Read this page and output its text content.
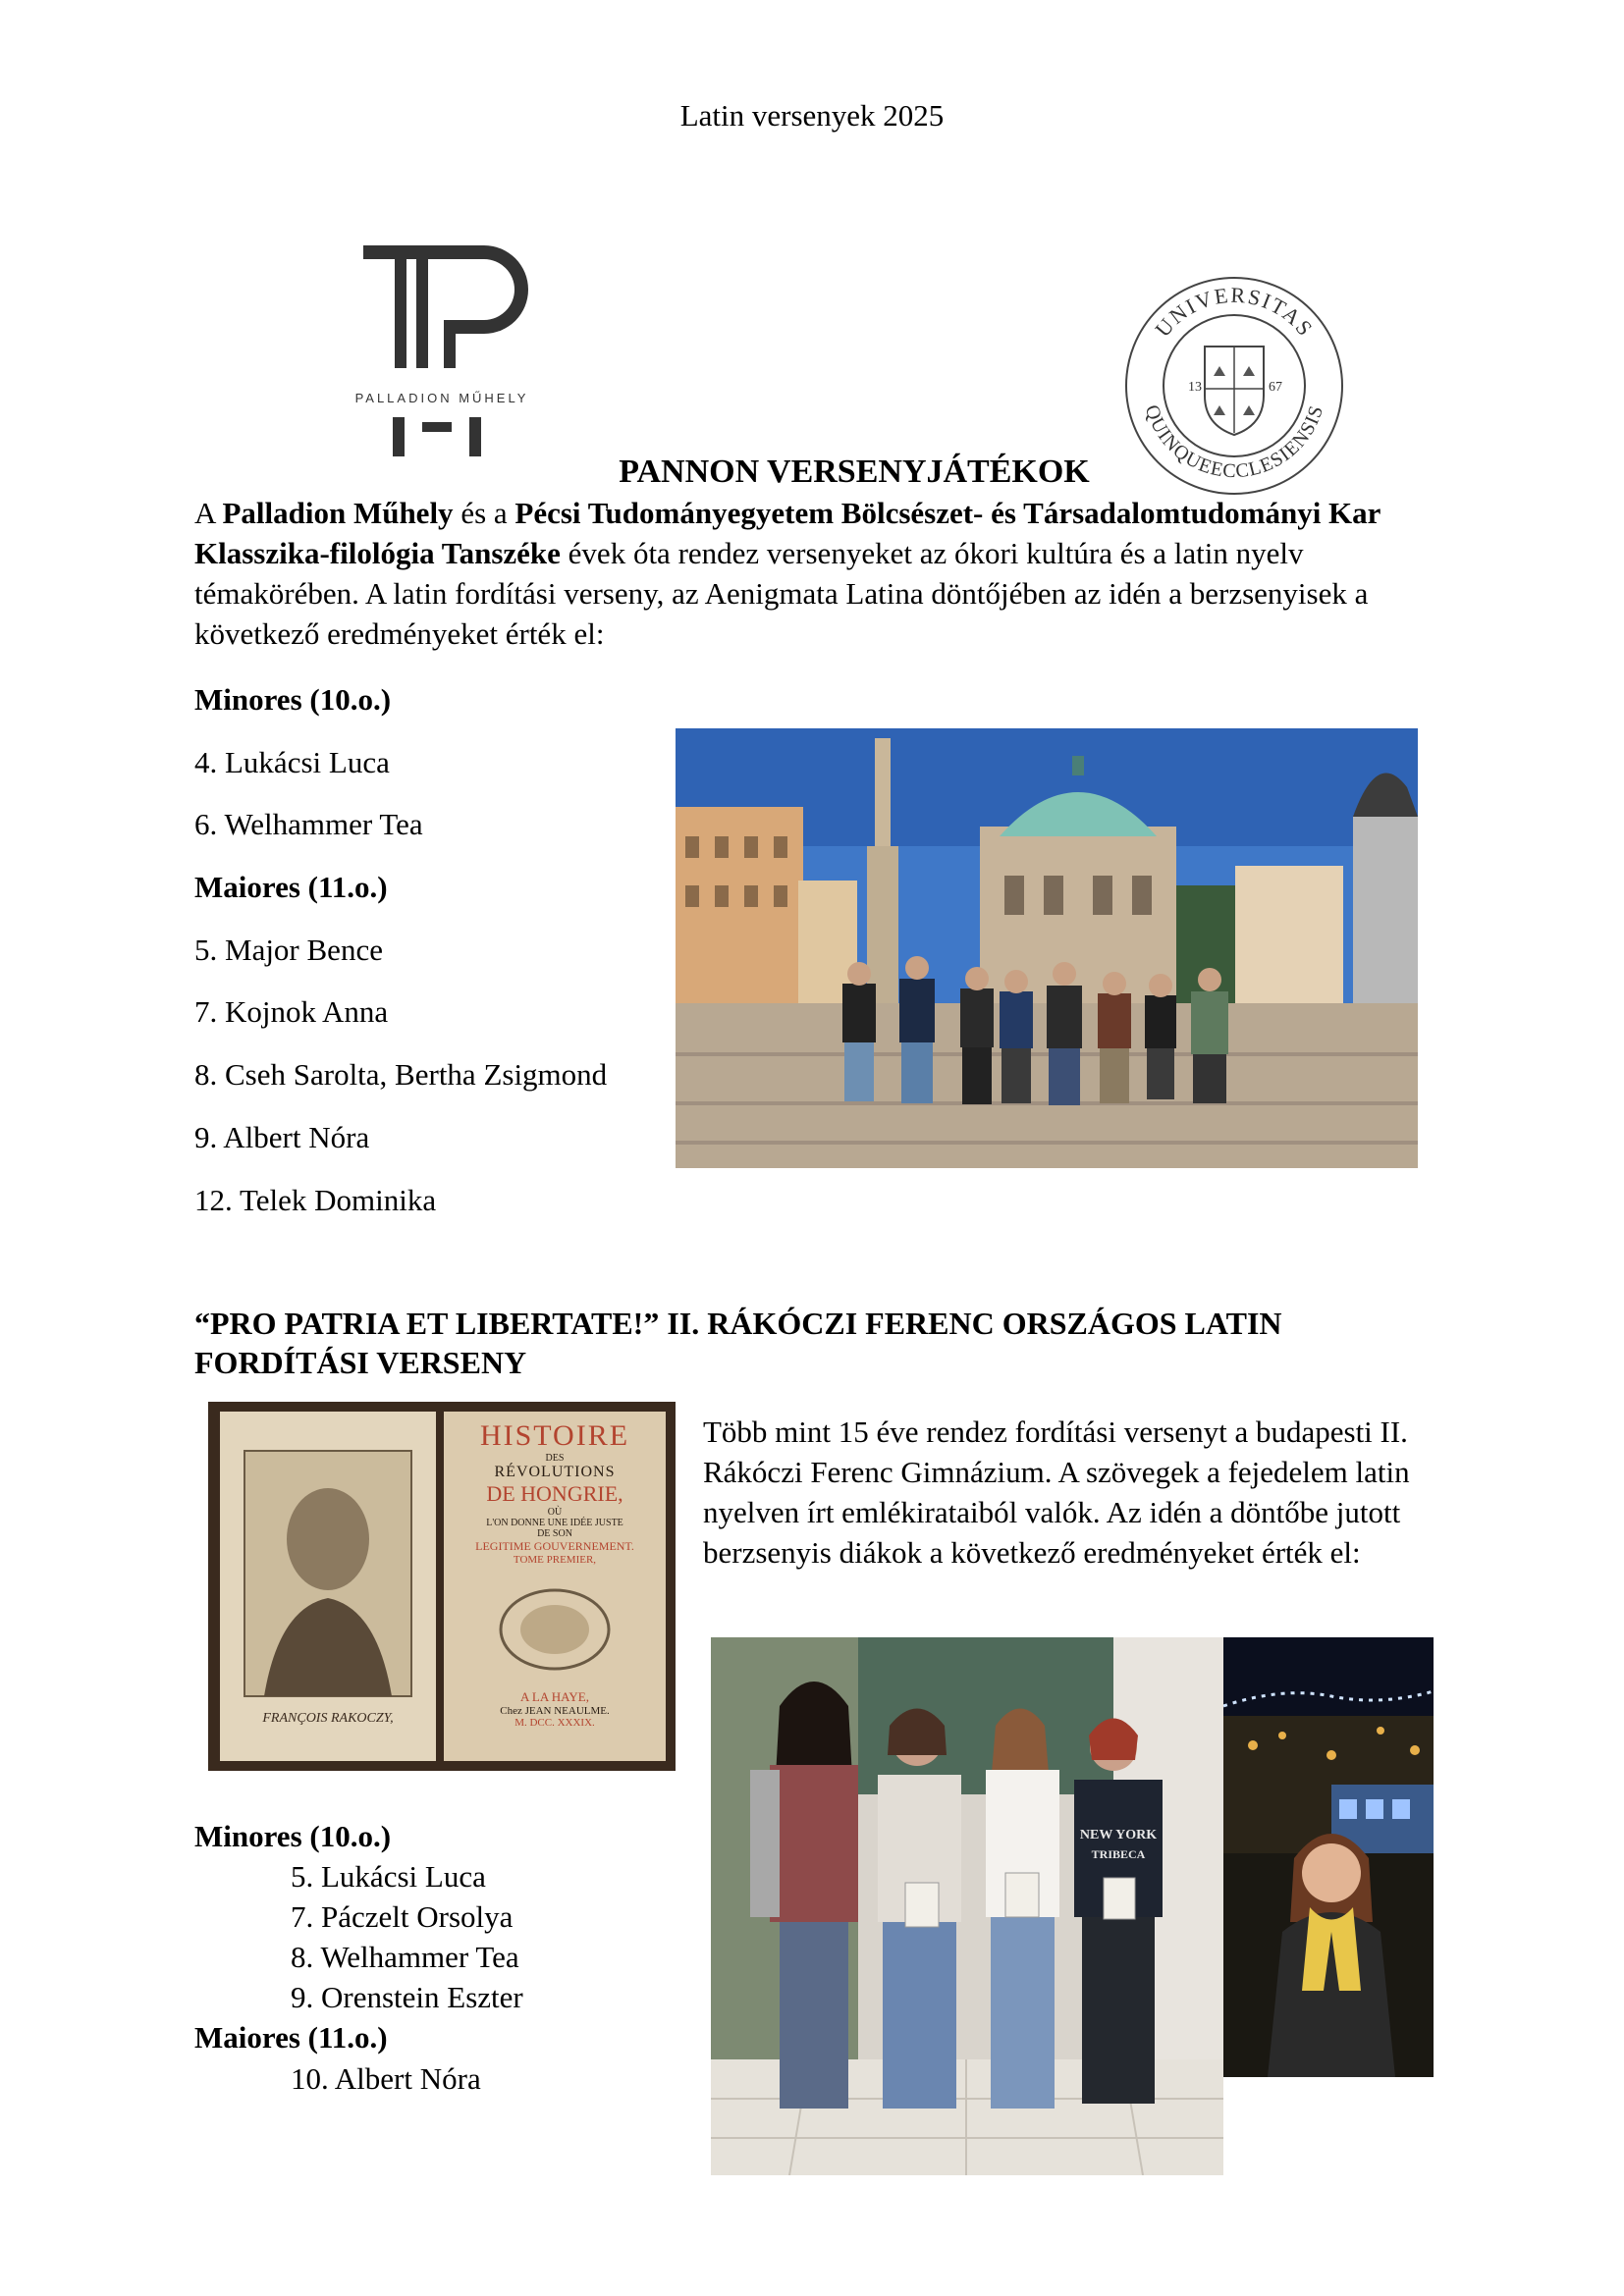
Latin versenyek 2025
PALLADION MŰHELY
UNIVERSITAS
QUINQUEECCLESIENSIS
13	67
PANNON VERSENYJÁTÉKOK
A Palladion Műhely és a Pécsi Tudományegyetem Bölcsészet- és Társadalomtudományi Kar Klasszika-filológia Tanszéke évek óta rendez versenyeket az ókori kultúra és a latin nyelv témakörében. A latin fordítási verseny, az Aenigmata Latina döntőjében az idén a berzsenyisek a következő eredményeket érték el:
Minores (10.o.)
4. Lukácsi Luca
6. Welhammer Tea
Maiores (11.o.)
5. Major Bence
7. Kojnok Anna
8. Cseh Sarolta, Bertha Zsigmond
9. Albert Nóra
12. Telek Dominika
“PRO PATRIA ET LIBERTATE!” II. RÁKÓCZI FERENC ORSZÁGOS LATIN
FORDÍTÁSI VERSENY
FRANÇOIS RAKOCZY,
HISTOIRE
DES
RÉVOLUTIONS
DE HONGRIE,
OÙ
L'ON DONNE UNE IDÉE JUSTE
DE SON
LEGITIME GOUVERNEMENT.
TOME PREMIER,
A LA HAYE,
Chez JEAN NEAULME.
M. DCC. XXXIX.
Több mint 15 éve rendez fordítási versenyt a budapesti II. Rákóczi Ferenc Gimnázium. A szövegek a fejedelem latin nyelven írt emlékirataiból valók. Az idén a döntőbe jutott berzsenyis diákok a következő eredményeket érték el:
Minores (10.o.)
5. Lukácsi Luca
7. Páczelt Orsolya
8. Welhammer Tea
9. Orenstein Eszter
Maiores (11.o.)
10. Albert Nóra
NEW YORK
TRIBECA
